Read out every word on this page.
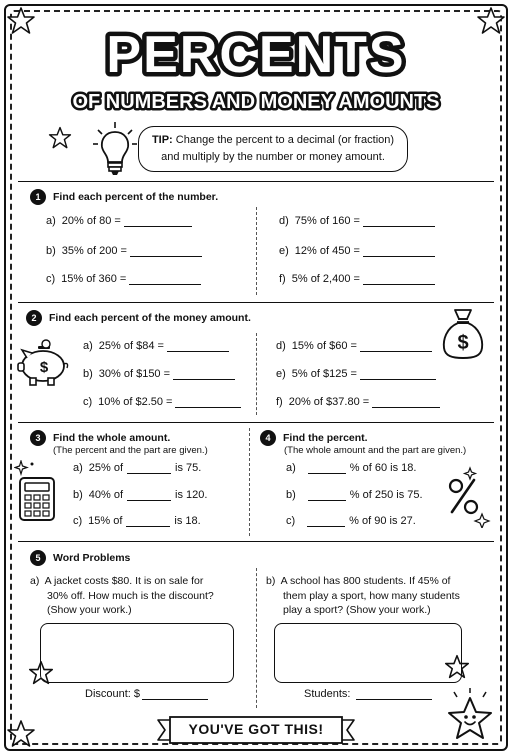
PERCENTS
OF NUMBERS AND MONEY AMOUNTS
TIP: Change the percent to a decimal (or fraction) and multiply by the number or money amount.
1	Find each percent of the number.
a) 20% of 80 =
b) 35% of 200 =
c) 15% of 360 =
d) 75% of 160 =
e) 12% of 450 =
f) 5% of 2,400 =
2	Find each percent of the money amount.
$
$
a) 25% of $84 =
b) 30% of $150 =
c) 10% of $2.50 =
d) 15% of $60 =
e) 5% of $125 =
f) 20% of $37.80 =
3	Find the whole amount.
(The percent and the part are given.)
a) 25% of	is 75.
b) 40% of	is 120.
c) 15% of	is 18.
4	Find the percent.
(The whole amount and the part are given.)
a)	% of 60 is 18.
b)	% of 250 is 75.
c)	% of 90 is 27.
5	Word Problems
a) A jacket costs $80. It is on sale for
30% off. How much is the discount?
(Show your work.)
Discount: $
b) A school has 800 students. If 45% of
them play a sport, how many students
play a sport? (Show your work.)
Students:
YOU'VE GOT THIS!
